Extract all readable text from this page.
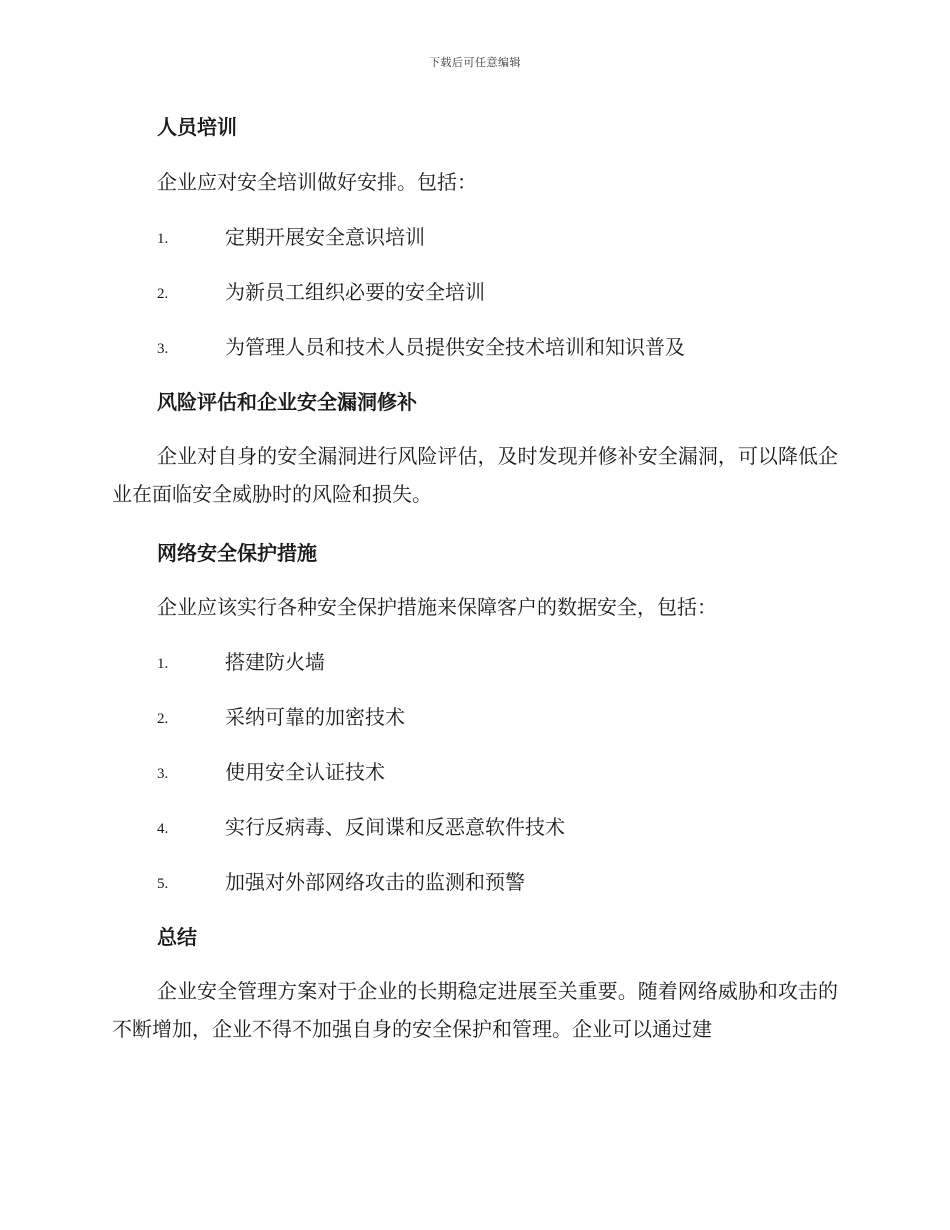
下载后可任意编辑
人员培训
企业应对安全培训做好安排。包括：
1.	定期开展安全意识培训
2.	为新员工组织必要的安全培训
3.	为管理人员和技术人员提供安全技术培训和知识普及
风险评估和企业安全漏洞修补
企业对自身的安全漏洞进行风险评估，及时发现并修补安全漏洞，可以降低企业在面临安全威胁时的风险和损失。
网络安全保护措施
企业应该实行各种安全保护措施来保障客户的数据安全，包括：
1.	搭建防火墙
2.	采纳可靠的加密技术
3.	使用安全认证技术
4.	实行反病毒、反间谍和反恶意软件技术
5.	加强对外部网络攻击的监测和预警
总结
企业安全管理方案对于企业的长期稳定进展至关重要。随着网络威胁和攻击的不断增加，企业不得不加强自身的安全保护和管理。企业可以通过建
